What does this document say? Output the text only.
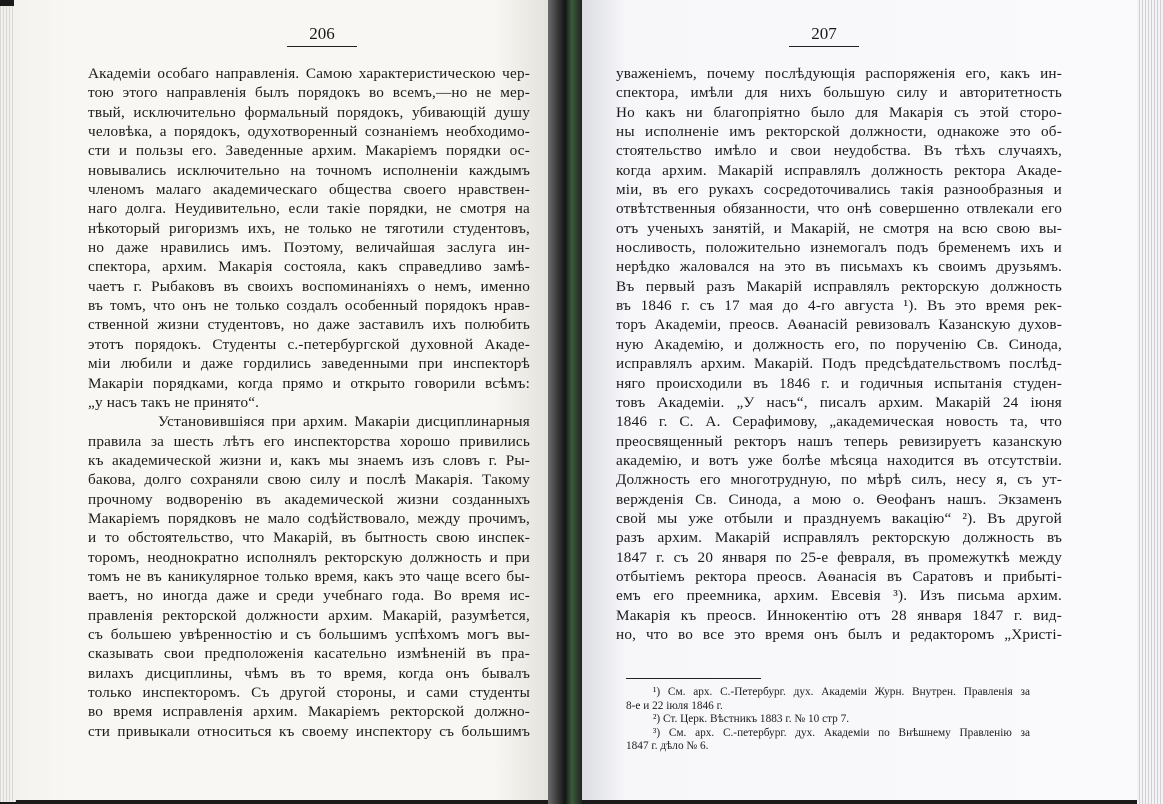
206
Академіи особаго направленія. Самою характеристическою чер-
тою этого направленія былъ порядокъ во всемъ,—но не мер-
твый, исключительно формальный порядокъ, убивающій душу
человѣка, а порядокъ, одухотворенный сознаніемъ необходимо-
сти и пользы его. Заведенные архим. Макаріемъ порядки ос-
новывались исключительно на точномъ исполненіи каждымъ
членомъ малаго академическаго общества своего нравствен-
наго долга. Неудивительно, если такіе порядки, не смотря на
нѣкоторый ригоризмъ ихъ, не только не тяготили студентовъ,
но даже нравились имъ. Поэтому, величайшая заслуга ин-
спектора, архим. Макарія состояла, какъ справедливо замѣ-
чаетъ г. Рыбаковъ въ своихъ воспоминаніяхъ о немъ, именно
въ томъ, что онъ не только создалъ особенный порядокъ нрав-
ственной жизни студентовъ, но даже заставилъ ихъ полюбить
этотъ порядокъ. Студенты с.-петербургской духовной Акаде-
міи любили и даже гордились заведенными при инспекторѣ
Макаріи порядками, когда прямо и открыто говорили всѣмъ:
„у насъ такъ не принято“.
Установившіяся при архим. Макаріи дисциплинарныя
правила за шесть лѣтъ его инспекторства хорошо привились
къ академической жизни и, какъ мы знаемъ изъ словъ г. Ры-
бакова, долго сохраняли свою силу и послѣ Макарія. Такому
прочному водворенію въ академической жизни созданныхъ
Макаріемъ порядковъ не мало содѣйствовало, между прочимъ,
и то обстоятельство, что Макарій, въ бытность свою инспек-
торомъ, неоднократно исполнялъ ректорскую должность и при
томъ не въ каникулярное только время, какъ это чаще всего бы-
ваетъ, но иногда даже и среди учебнаго года. Во время ис-
правленія ректорской должности архим. Макарій, разумѣется,
съ большею увѣренностію и съ большимъ успѣхомъ могъ вы-
сказывать свои предположенія касательно измѣненій въ пра-
вилахъ дисциплины, чѣмъ въ то время, когда онъ бывалъ
только инспекторомъ. Съ другой стороны, и сами студенты
во время исправленія архим. Макаріемъ ректорской должно-
сти привыкали относиться къ своему инспектору съ большимъ
207
уваженіемъ, почему послѣдующія распоряженія его, какъ ин-
спектора, имѣли для нихъ большую силу и авторитетность
Но какъ ни благопріятно было для Макарія съ этой сторо-
ны исполненіе имъ ректорской должности, однакоже это об-
стоятельство имѣло и свои неудобства. Въ тѣхъ случаяхъ,
когда архим. Макарій исправлялъ должность ректора Акаде-
міи, въ его рукахъ сосредоточивались такія разнообразныя и
отвѣтственныя обязанности, что онѣ совершенно отвлекали его
отъ ученыхъ занятій, и Макарій, не смотря на всю свою вы-
носливость, положительно изнемогалъ подъ бременемъ ихъ и
нерѣдко жаловался на это въ письмахъ къ своимъ друзьямъ.
Въ первый разъ Макарій исправлялъ ректорскую должность
въ 1846 г. съ 17 мая до 4-го августа ¹). Въ это время рек-
торъ Академіи, преосв. Аѳанасій ревизовалъ Казанскую духов-
ную Академію, и должность его, по порученію Св. Синода,
исправлялъ архим. Макарій. Подъ предсѣдательствомъ послѣд-
няго происходили въ 1846 г. и годичныя испытанія студен-
товъ Академіи. „У насъ“, писалъ архим. Макарій 24 іюня
1846 г. С. А. Серафимову, „академическая новость та, что
преосвященный ректоръ нашъ теперь ревизируетъ казанскую
академію, и вотъ уже болѣе мѣсяца находится въ отсутствіи.
Должность его многотрудную, по мѣрѣ силъ, несу я, съ ут-
вержденія Св. Синода, а мою о. Ѳеофанъ нашъ. Экзаменъ
свой мы уже отбыли и празднуемъ вакацію“ ²). Въ другой
разъ архим. Макарій исправлялъ ректорскую должность въ
1847 г. съ 20 января по 25-е февраля, въ промежуткѣ между
отбытіемъ ректора преосв. Аѳанасія въ Саратовъ и прибыті-
емъ его преемника, архим. Евсевія ³). Изъ письма архим.
Макарія къ преосв. Иннокентію отъ 28 января 1847 г. вид-
но, что во все это время онъ былъ и редакторомъ „Христі-
¹) См. арх. С.-Петербург. дух. Академіи Журн. Внутрен. Правленія за
8-е и 22 іюля 1846 г.
²) Ст. Церк. Вѣстникъ 1883 г. № 10 стр 7.
³) См. арх. С.-петербург. дух. Академіи по Внѣшнему Правленію за
1847 г. дѣло № 6.
